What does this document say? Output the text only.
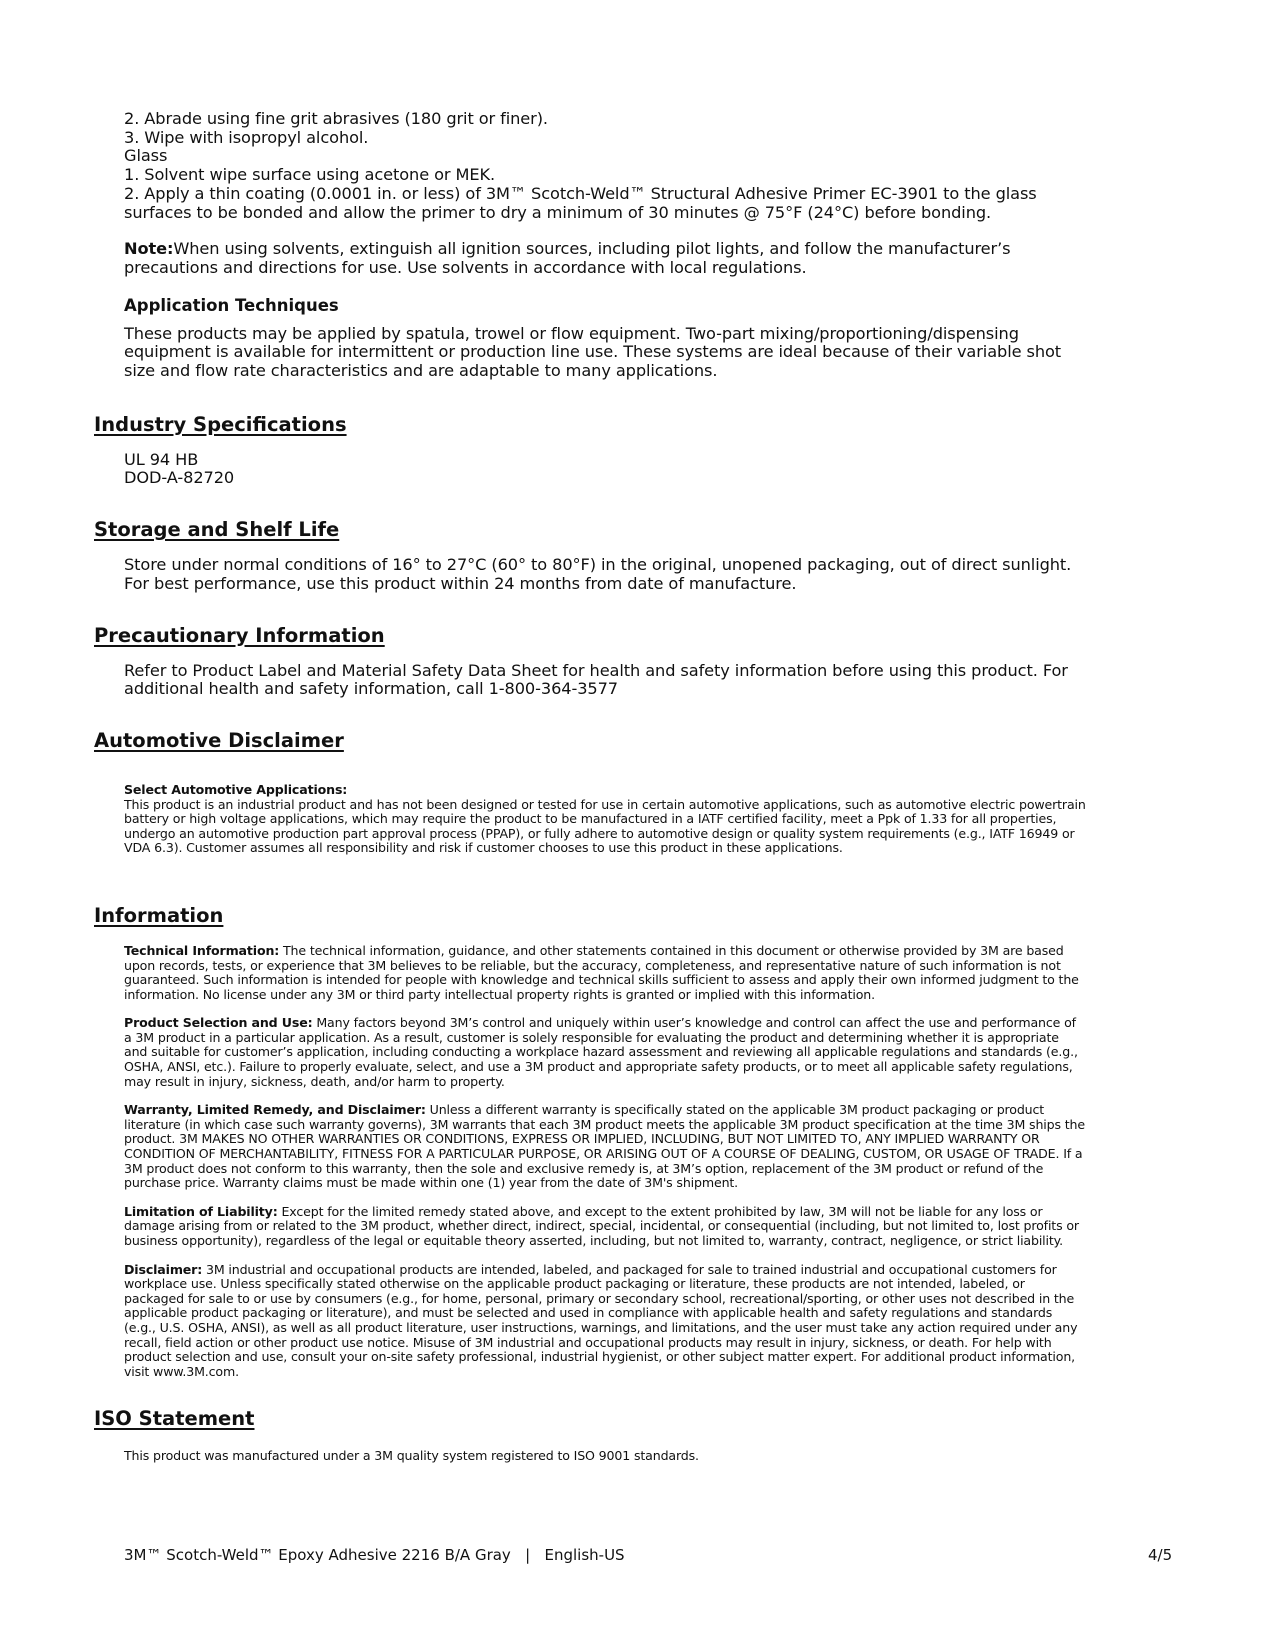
2. Abrade using fine grit abrasives (180 grit or finer).
3. Wipe with isopropyl alcohol.
Glass
1. Solvent wipe surface using acetone or MEK.
2. Apply a thin coating (0.0001 in. or less) of 3M™ Scotch-Weld™ Structural Adhesive Primer EC-3901 to the glass
surfaces to be bonded and allow the primer to dry a minimum of 30 minutes @ 75°F (24°C) before bonding.
Note:When using solvents, extinguish all ignition sources, including pilot lights, and follow the manufacturer’s
precautions and directions for use. Use solvents in accordance with local regulations.
Application Techniques
These products may be applied by spatula, trowel or flow equipment. Two-part mixing/proportioning/dispensing
equipment is available for intermittent or production line use. These systems are ideal because of their variable shot
size and flow rate characteristics and are adaptable to many applications.
Industry Specifications
UL 94 HB
DOD-A-82720
Storage and Shelf Life
Store under normal conditions of 16° to 27°C (60° to 80°F) in the original, unopened packaging, out of direct sunlight.
For best performance, use this product within 24 months from date of manufacture.
Precautionary Information
Refer to Product Label and Material Safety Data Sheet for health and safety information before using this product. For
additional health and safety information, call 1-800-364-3577
Automotive Disclaimer
Select Automotive Applications:
This product is an industrial product and has not been designed or tested for use in certain automotive applications, such as automotive electric powertrain
battery or high voltage applications, which may require the product to be manufactured in a IATF certified facility, meet a Ppk of 1.33 for all properties,
undergo an automotive production part approval process (PPAP), or fully adhere to automotive design or quality system requirements (e.g., IATF 16949 or
VDA 6.3). Customer assumes all responsibility and risk if customer chooses to use this product in these applications.
Information
Technical Information: The technical information, guidance, and other statements contained in this document or otherwise provided by 3M are based
upon records, tests, or experience that 3M believes to be reliable, but the accuracy, completeness, and representative nature of such information is not
guaranteed. Such information is intended for people with knowledge and technical skills sufficient to assess and apply their own informed judgment to the
information. No license under any 3M or third party intellectual property rights is granted or implied with this information.
Product Selection and Use: Many factors beyond 3M’s control and uniquely within user’s knowledge and control can affect the use and performance of
a 3M product in a particular application. As a result, customer is solely responsible for evaluating the product and determining whether it is appropriate
and suitable for customer’s application, including conducting a workplace hazard assessment and reviewing all applicable regulations and standards (e.g.,
OSHA, ANSI, etc.). Failure to properly evaluate, select, and use a 3M product and appropriate safety products, or to meet all applicable safety regulations,
may result in injury, sickness, death, and/or harm to property.
Warranty, Limited Remedy, and Disclaimer: Unless a different warranty is specifically stated on the applicable 3M product packaging or product
literature (in which case such warranty governs), 3M warrants that each 3M product meets the applicable 3M product specification at the time 3M ships the
product. 3M MAKES NO OTHER WARRANTIES OR CONDITIONS, EXPRESS OR IMPLIED, INCLUDING, BUT NOT LIMITED TO, ANY IMPLIED WARRANTY OR
CONDITION OF MERCHANTABILITY, FITNESS FOR A PARTICULAR PURPOSE, OR ARISING OUT OF A COURSE OF DEALING, CUSTOM, OR USAGE OF TRADE. If a
3M product does not conform to this warranty, then the sole and exclusive remedy is, at 3M’s option, replacement of the 3M product or refund of the
purchase price. Warranty claims must be made within one (1) year from the date of 3M's shipment.
Limitation of Liability: Except for the limited remedy stated above, and except to the extent prohibited by law, 3M will not be liable for any loss or
damage arising from or related to the 3M product, whether direct, indirect, special, incidental, or consequential (including, but not limited to, lost profits or
business opportunity), regardless of the legal or equitable theory asserted, including, but not limited to, warranty, contract, negligence, or strict liability.
Disclaimer: 3M industrial and occupational products are intended, labeled, and packaged for sale to trained industrial and occupational customers for
workplace use. Unless specifically stated otherwise on the applicable product packaging or literature, these products are not intended, labeled, or
packaged for sale to or use by consumers (e.g., for home, personal, primary or secondary school, recreational/sporting, or other uses not described in the
applicable product packaging or literature), and must be selected and used in compliance with applicable health and safety regulations and standards
(e.g., U.S. OSHA, ANSI), as well as all product literature, user instructions, warnings, and limitations, and the user must take any action required under any
recall, field action or other product use notice. Misuse of 3M industrial and occupational products may result in injury, sickness, or death. For help with
product selection and use, consult your on-site safety professional, industrial hygienist, or other subject matter expert. For additional product information,
visit www.3M.com.
ISO Statement
This product was manufactured under a 3M quality system registered to ISO 9001 standards.
3M™ Scotch-Weld™ Epoxy Adhesive 2216 B/A Gray | English-US	4/5
